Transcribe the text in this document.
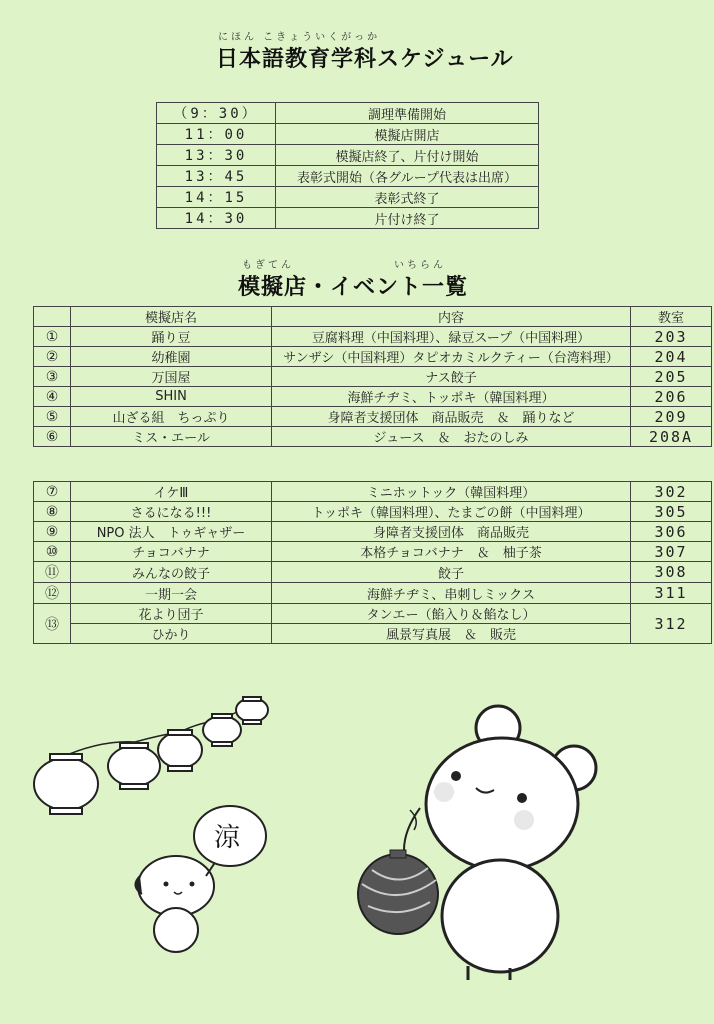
にほん こきょういくがっか
日本語教育学科スケジュール
（9：30）	調理準備開始
11：00	模擬店開店
13：30	模擬店終了、片付け開始
13：45	表彰式開始（各グループ代表は出席）
14：15	表彰式終了
14：30	片付け終了
もぎてん	いちらん
模擬店・イベント一覧
	模擬店名	内容	教室
①	踊り豆	豆腐料理（中国料理）、緑豆スープ（中国料理）	203
②	幼稚園	サンザシ（中国料理）タピオカミルクティー（台湾料理）	204
③	万国屋	ナス餃子	205
④	SHIN	海鮮チヂミ、トッポキ（韓国料理）	206
⑤	山ざる組　ちっぷり	身障者支援団体　商品販売　＆　踊りなど	209
⑥	ミス・エール	ジュース　＆　おたのしみ	208A
⑦	イケⅢ	ミニホットック（韓国料理）	302
⑧	さるになる!!!	トッポキ（韓国料理）、たまごの餅（中国料理）	305
⑨	NPO 法人　トゥギャザー	身障者支援団体　商品販売	306
⑩	チョコバナナ	本格チョコバナナ　＆　柚子茶	307
⑪	みんなの餃子	餃子	308
⑫	一期一会	海鮮チヂミ、串刺しミックス	311
⑬	花より団子	タンエー（餡入り＆餡なし）	312
	ひかり	風景写真展　＆　販売	
涼
